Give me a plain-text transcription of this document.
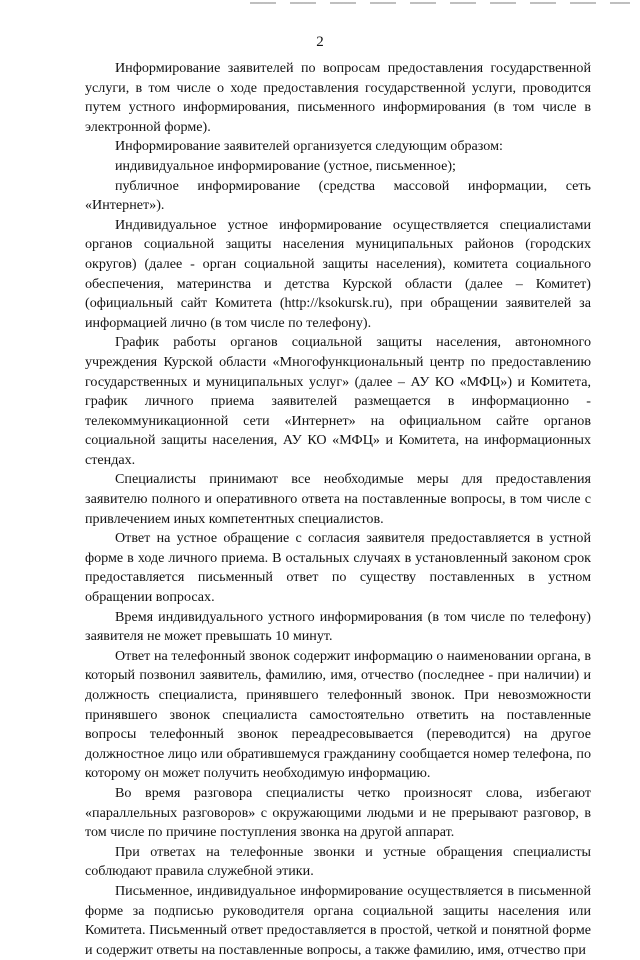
2

Информирование заявителей по вопросам предоставления государственной услуги, в том числе о ходе предоставления государственной услуги, проводится путем устного информирования, письменного информирования (в том числе в электронной форме).

Информирование заявителей организуется следующим образом:

индивидуальное информирование (устное, письменное);

публичное информирование (средства массовой информации, сеть «Интернет»).

Индивидуальное устное информирование осуществляется специалистами органов социальной защиты населения муниципальных районов (городских округов) (далее - орган социальной защиты населения), комитета социального обеспечения, материнства и детства Курской области (далее – Комитет) (официальный сайт Комитета (http://ksokursk.ru), при обращении заявителей за информацией лично (в том числе по телефону).

График работы органов социальной защиты населения, автономного учреждения Курской области «Многофункциональный центр по предоставлению государственных и муниципальных услуг» (далее – АУ КО «МФЦ») и Комитета, график личного приема заявителей размещается в информационно - телекоммуникационной сети «Интернет» на официальном сайте органов социальной защиты населения, АУ КО «МФЦ» и Комитета, на информационных стендах.

Специалисты принимают все необходимые меры для предоставления заявителю полного и оперативного ответа на поставленные вопросы, в том числе с привлечением иных компетентных специалистов.

Ответ на устное обращение с согласия заявителя предоставляется в устной форме в ходе личного приема. В остальных случаях в установленный законом срок предоставляется письменный ответ по существу поставленных в устном обращении вопросах.

Время индивидуального устного информирования (в том числе по телефону) заявителя не может превышать 10 минут.

Ответ на телефонный звонок содержит информацию о наименовании органа, в который позвонил заявитель, фамилию, имя, отчество (последнее - при наличии) и должность специалиста, принявшего телефонный звонок. При невозможности принявшего звонок специалиста самостоятельно ответить на поставленные вопросы телефонный звонок переадресовывается (переводится) на другое должностное лицо или обратившемуся гражданину сообщается номер телефона, по которому он может получить необходимую информацию.

Во время разговора специалисты четко произносят слова, избегают «параллельных разговоров» с окружающими людьми и не прерывают разговор, в том числе по причине поступления звонка на другой аппарат.

При ответах на телефонные звонки и устные обращения специалисты соблюдают правила служебной этики.

Письменное, индивидуальное информирование осуществляется в письменной форме за подписью руководителя органа социальной защиты населения или Комитета. Письменный ответ предоставляется в простой, четкой и понятной форме и содержит ответы на поставленные вопросы, а также фамилию, имя, отчество при
